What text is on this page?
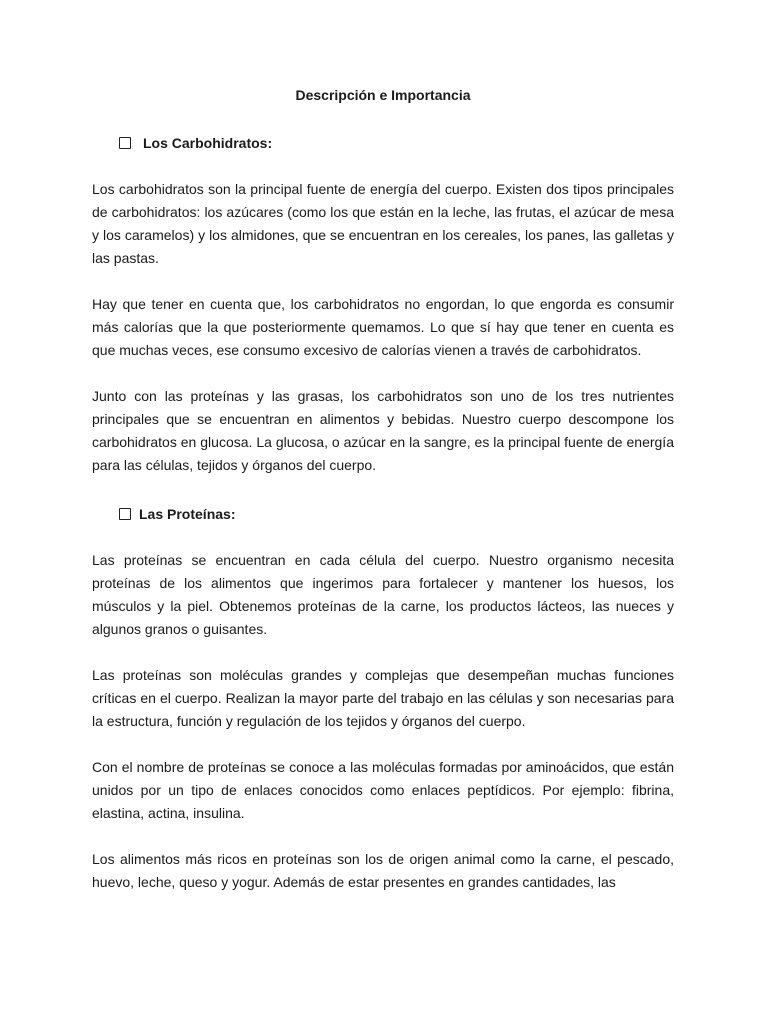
Descripción e Importancia
Los Carbohidratos:

Los carbohidratos son la principal fuente de energía del cuerpo. Existen dos tipos principales de carbohidratos: los azúcares (como los que están en la leche, las frutas, el azúcar de mesa y los caramelos) y los almidones, que se encuentran en los cereales, los panes, las galletas y las pastas.

Hay que tener en cuenta que, los carbohidratos no engordan, lo que engorda es consumir más calorías que la que posteriormente quemamos. Lo que sí hay que tener en cuenta es que muchas veces, ese consumo excesivo de calorías vienen a través de carbohidratos.

Junto con las proteínas y las grasas, los carbohidratos son uno de los tres nutrientes principales que se encuentran en alimentos y bebidas. Nuestro cuerpo descompone los carbohidratos en glucosa. La glucosa, o azúcar en la sangre, es la principal fuente de energía para las células, tejidos y órganos del cuerpo.

Las Proteínas:

Las proteínas se encuentran en cada célula del cuerpo. Nuestro organismo necesita proteínas de los alimentos que ingerimos para fortalecer y mantener los huesos, los músculos y la piel. Obtenemos proteínas de la carne, los productos lácteos, las nueces y algunos granos o guisantes.

Las proteínas son moléculas grandes y complejas que desempeñan muchas funciones críticas en el cuerpo. Realizan la mayor parte del trabajo en las células y son necesarias para la estructura, función y regulación de los tejidos y órganos del cuerpo.

Con el nombre de proteínas se conoce a las moléculas formadas por aminoácidos, que están unidos por un tipo de enlaces conocidos como enlaces peptídicos. Por ejemplo: fibrina, elastina, actina, insulina.

Los alimentos más ricos en proteínas son los de origen animal como la carne, el pescado, huevo, leche, queso y yogur. Además de estar presentes en grandes cantidades, las
